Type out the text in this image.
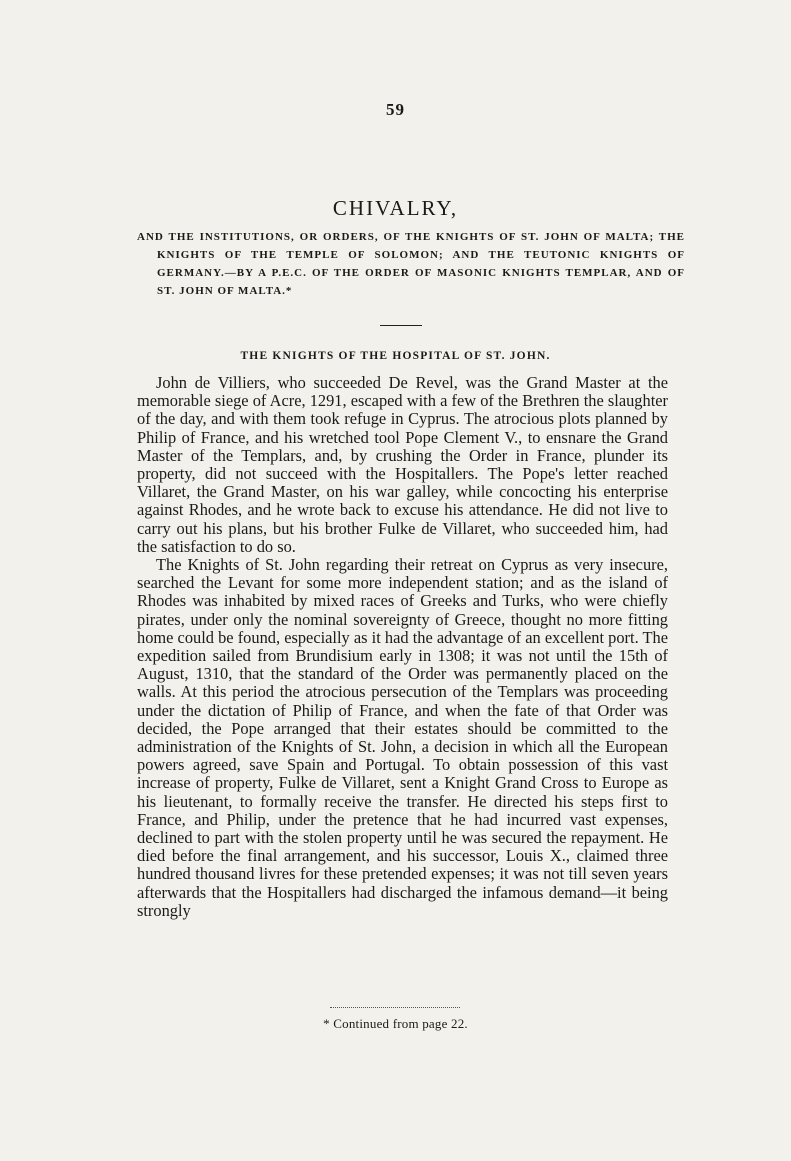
59
CHIVALRY,
AND THE INSTITUTIONS, OR ORDERS, OF THE KNIGHTS OF ST. JOHN OF MALTA; THE KNIGHTS OF THE TEMPLE OF SOLOMON; AND THE TEUTONIC KNIGHTS OF GERMANY.—BY A P.E.C. OF THE ORDER OF MASONIC KNIGHTS TEMPLAR, AND OF ST. JOHN OF MALTA.*
THE KNIGHTS OF THE HOSPITAL OF ST. JOHN.

John de Villiers, who succeeded De Revel, was the Grand Master at the memorable siege of Acre, 1291, escaped with a few of the Brethren the slaughter of the day, and with them took refuge in Cyprus. The atrocious plots planned by Philip of France, and his wretched tool Pope Clement V., to ensnare the Grand Master of the Templars, and, by crushing the Order in France, plunder its property, did not succeed with the Hospitallers. The Pope's letter reached Villaret, the Grand Master, on his war galley, while concocting his enterprise against Rhodes, and he wrote back to excuse his attendance. He did not live to carry out his plans, but his brother Fulke de Villaret, who succeeded him, had the satisfaction to do so.

The Knights of St. John regarding their retreat on Cyprus as very insecure, searched the Levant for some more independent station; and as the island of Rhodes was inhabited by mixed races of Greeks and Turks, who were chiefly pirates, under only the nominal sovereignty of Greece, thought no more fitting home could be found, especially as it had the advantage of an excellent port. The expedition sailed from Brundisium early in 1308; it was not until the 15th of August, 1310, that the standard of the Order was permanently placed on the walls. At this period the atrocious persecution of the Templars was proceeding under the dictation of Philip of France, and when the fate of that Order was decided, the Pope arranged that their estates should be committed to the administration of the Knights of St. John, a decision in which all the European powers agreed, save Spain and Portugal. To obtain possession of this vast increase of property, Fulke de Villaret, sent a Knight Grand Cross to Europe as his lieutenant, to formally receive the transfer. He directed his steps first to France, and Philip, under the pretence that he had incurred vast expenses, declined to part with the stolen property until he was secured the repayment. He died before the final arrangement, and his successor, Louis X., claimed three hundred thousand livres for these pretended expenses; it was not till seven years afterwards that the Hospitallers had discharged the infamous demand—it being strongly

* Continued from page 22.
